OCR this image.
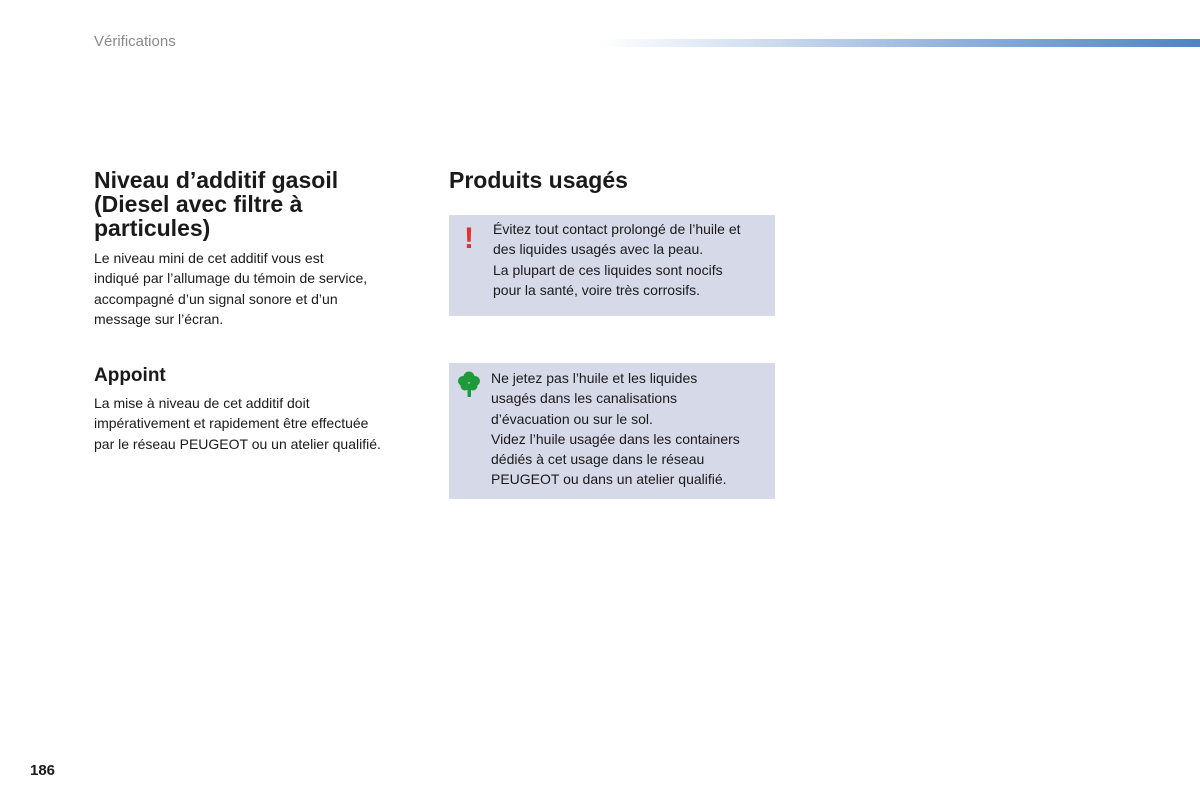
Vérifications
Niveau d’additif gasoil
(Diesel avec filtre à
particules)

Le niveau mini de cet additif vous est
indiqué par l’allumage du témoin de service,
accompagné d’un signal sonore et d’un
message sur l’écran.

Appoint

La mise à niveau de cet additif doit
impérativement et rapidement être effectuée
par le réseau PEUGEOT ou un atelier qualifié.

Produits usagés
! Évitez tout contact prolongé de l’huile et
des liquides usagés avec la peau.
La plupart de ces liquides sont nocifs
pour la santé, voire très corrosifs.
Ne jetez pas l’huile et les liquides
usagés dans les canalisations
d’évacuation ou sur le sol.
Videz l’huile usagée dans les containers
dédiés à cet usage dans le réseau
PEUGEOT ou dans un atelier qualifié.
186
